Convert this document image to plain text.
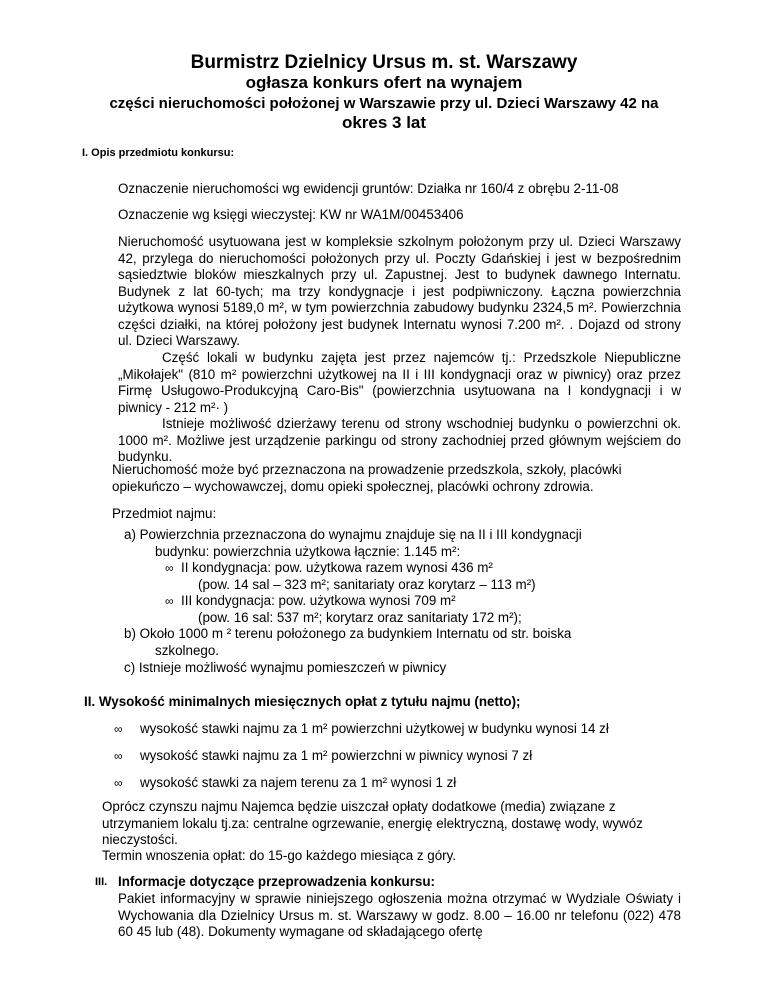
Burmistrz Dzielnicy Ursus m. st. Warszawy
ogłasza konkurs ofert na wynajem
części nieruchomości położonej w Warszawie przy ul. Dzieci Warszawy 42 na
okres 3 lat
I. Opis przedmiotu konkursu:
Oznaczenie nieruchomości wg ewidencji gruntów: Działka nr 160/4 z obrębu 2-11-08
Oznaczenie wg księgi wieczystej: KW nr WA1M/00453406
Nieruchomość usytuowana jest w kompleksie szkolnym położonym przy ul. Dzieci Warszawy 42, przylega do nieruchomości położonych przy ul. Poczty Gdańskiej i jest w bezpośrednim sąsiedztwie bloków mieszkalnych przy ul. Zapustnej. Jest to budynek dawnego Internatu. Budynek z lat 60-tych; ma trzy kondygnacje i jest podpiwniczony. Łączna powierzchnia użytkowa wynosi 5189,0 m², w tym powierzchnia zabudowy budynku 2324,5 m². Powierzchnia części działki, na której położony jest budynek Internatu wynosi 7.200 m². . Dojazd od strony ul. Dzieci Warszawy.
Część lokali w budynku zajęta jest przez najemców tj.: Przedszkole Niepubliczne „Mikołajek" (810 m² powierzchni użytkowej na II i III kondygnacji oraz w piwnicy) oraz przez Firmę Usługowo-Produkcyjną Caro-Bis" (powierzchnia usytuowana na I kondygnacji i w piwnicy - 212 m²· )
Istnieje możliwość dzierżawy terenu od strony wschodniej budynku o powierzchni ok. 1000 m². Możliwe jest urządzenie parkingu od strony zachodniej przed głównym wejściem do budynku.
Nieruchomość może być przeznaczona na prowadzenie przedszkola, szkoły, placówki opiekuńczo – wychowawczej, domu opieki społecznej, placówki ochrony zdrowia.
Przedmiot najmu:
a) Powierzchnia przeznaczona do wynajmu znajduje się na II i III kondygnacji
budynku: powierzchnia użytkowa łącznie: 1.145 m²:
∞ II kondygnacja: pow. użytkowa razem wynosi 436 m²
(pow. 14 sal – 323 m²; sanitariaty oraz korytarz – 113 m²)
∞ III kondygnacja: pow. użytkowa wynosi 709 m²
(pow. 16 sal: 537 m²; korytarz oraz sanitariaty 172 m²);
b) Około 1000 m ² terenu położonego za budynkiem Internatu od str. boiska
szkolnego.
c) Istnieje możliwość wynajmu pomieszczeń w piwnicy
II. Wysokość minimalnych miesięcznych opłat z tytułu najmu (netto);
∞ wysokość stawki najmu za 1 m² powierzchni użytkowej w budynku wynosi 14 zł
∞ wysokość stawki najmu za 1 m² powierzchni w piwnicy wynosi 7 zł
∞ wysokość stawki za najem terenu za 1 m² wynosi 1 zł
Oprócz czynszu najmu Najemca będzie uiszczał opłaty dodatkowe (media) związane z utrzymaniem lokalu tj.za: centralne ogrzewanie, energię elektryczną, dostawę wody, wywóz nieczystości.
Termin wnoszenia opłat: do 15-go każdego miesiąca z góry.
III. Informacje dotyczące przeprowadzenia konkursu:
Pakiet informacyjny w sprawie niniejszego ogłoszenia można otrzymać w Wydziale Oświaty i Wychowania dla Dzielnicy Ursus m. st. Warszawy w godz. 8.00 – 16.00 nr telefonu (022) 478 60 45 lub (48). Dokumenty wymagane od składającego ofertę
